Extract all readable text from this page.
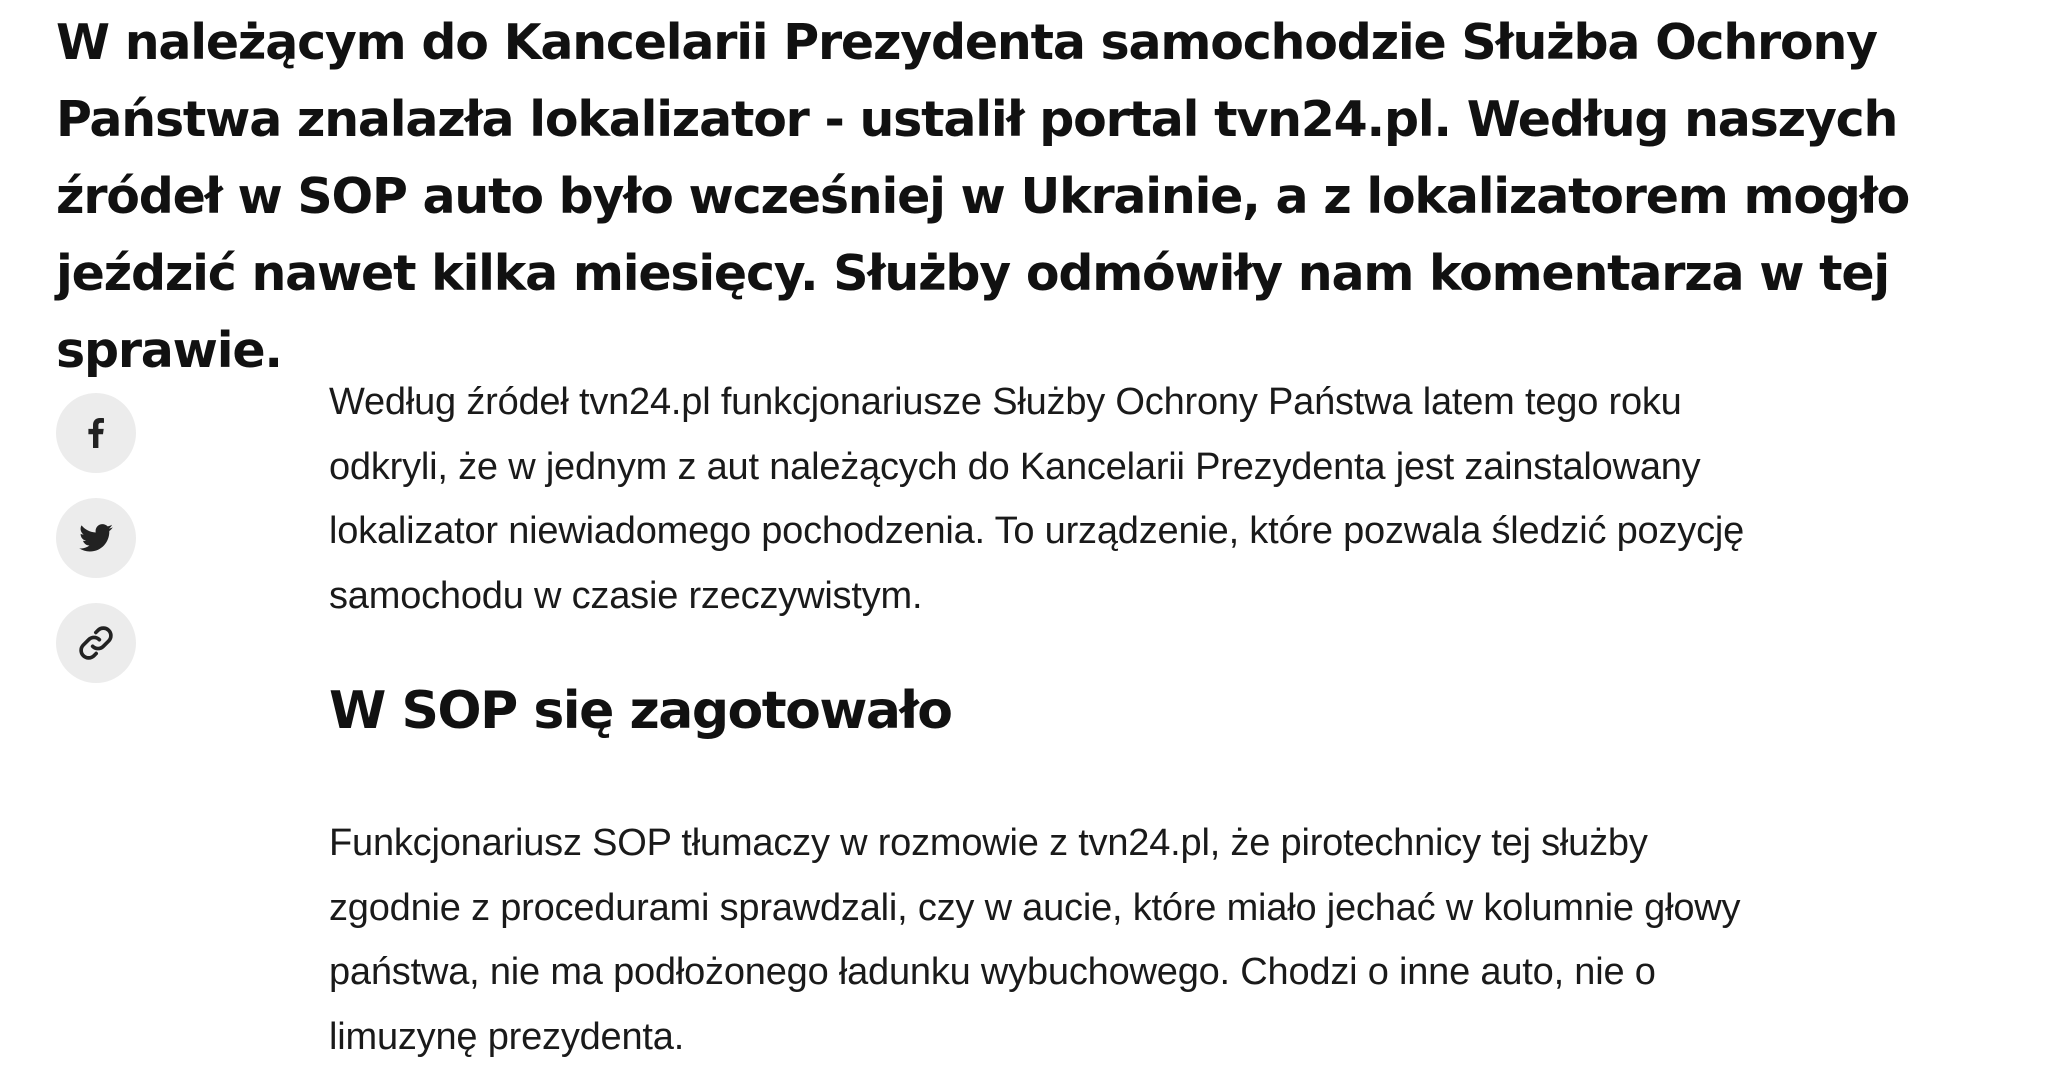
W należącym do Kancelarii Prezydenta samochodzie Służba Ochrony Państwa znalazła lokalizator - ustalił portal tvn24.pl. Według naszych źródeł w SOP auto było wcześniej w Ukrainie, a z lokalizatorem mogło jeździć nawet kilka miesięcy. Służby odmówiły nam komentarza w tej sprawie.

Według źródeł tvn24.pl funkcjonariusze Służby Ochrony Państwa latem tego roku odkryli, że w jednym z aut należących do Kancelarii Prezydenta jest zainstalowany lokalizator niewiadomego pochodzenia. To urządzenie, które pozwala śledzić pozycję samochodu w czasie rzeczywistym.

W SOP się zagotowało

Funkcjonariusz SOP tłumaczy w rozmowie z tvn24.pl, że pirotechnicy tej służby zgodnie z procedurami sprawdzali, czy w aucie, które miało jechać w kolumnie głowy państwa, nie ma podłożonego ładunku wybuchowego. Chodzi o inne auto, nie o limuzynę prezydenta.
